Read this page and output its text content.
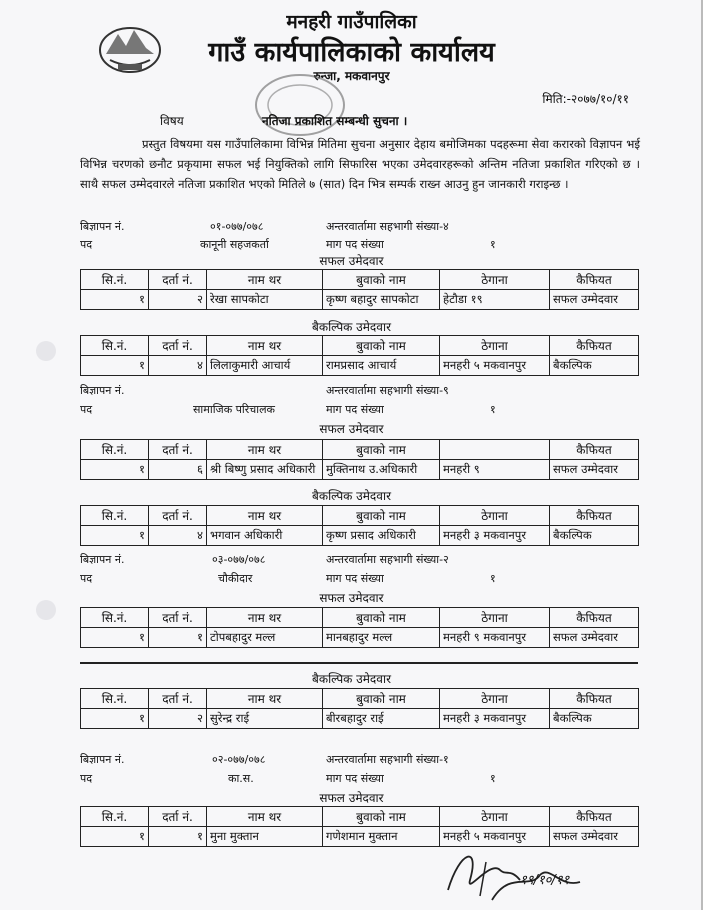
मनहरी गाउँपालिका
गाउँ कार्यपालिकाको कार्यालय
रुन्जा, मकवानपुर
मिति:-२०७७/१०/११
विषय	नतिजा प्रकाशित सम्बन्धी सुचना ।
प्रस्तुत विषयमा यस गाउँपालिकामा विभिन्न मितिमा सुचना अनुसार देहाय बमोजिमका पदहरूमा सेवा करारको विज्ञापन भई विभिन्न चरणको छनौट प्रकृयामा सफल भई नियुक्तिको लागि सिफारिस भएका उमेदवारहरूको अन्तिम नतिजा प्रकाशित गरिएको छ । साथै सफल उम्मेदवारले नतिजा प्रकाशित भएको मितिले ७ (सात) दिन भित्र सम्पर्क राख्न आउनु हुन जानकारी गराइन्छ ।
बिज्ञापन नं.	०१-०७७/०७८	अन्तरवार्तामा सहभागी संख्या-४
पद	कानूनी सहजकर्ता	माग पद संख्या	१
सफल उमेदवार
सि.नं.	दर्ता नं.	नाम थर	बुवाको नाम	ठेगाना	कैफियत
१	२	रेखा सापकोटा	कृष्ण बहादुर सापकोटा	हेटौडा १९	सफल उम्मेदवार
बैकल्पिक उमेदवार
सि.नं.	दर्ता नं.	नाम थर	बुवाको नाम	ठेगाना	कैफियत
१	४	लिलाकुमारी आचार्य	रामप्रसाद आचार्य	मनहरी ५ मकवानपुर	बैकल्पिक
बिज्ञापन नं.	अन्तरवार्तामा सहभागी संख्या-९
पद	सामाजिक परिचालक	माग पद संख्या	१
सफल उमेदवार
सि.नं.	दर्ता नं.	नाम थर	बुवाको नाम		कैफियत
१	६	श्री बिष्णु प्रसाद अधिकारी	मुक्तिनाथ उ.अधिकारी	मनहरी ९	सफल उम्मेदवार
बैकल्पिक उमेदवार
सि.नं.	दर्ता नं.	नाम थर	बुवाको नाम	ठेगाना	कैफियत
१	४	भगवान अधिकारी	कृष्ण प्रसाद अधिकारी	मनहरी ३ मकवानपुर	बैकल्पिक
बिज्ञापन नं.	०३-०७७/०७८	अन्तरवार्तामा सहभागी संख्या-२
पद	चौकीदार	माग पद संख्या	१
सफल उमेदवार
सि.नं.	दर्ता नं.	नाम थर	बुवाको नाम	ठेगाना	कैफियत
१	१	टोपबहादुर मल्ल	मानबहादुर मल्ल	मनहरी ९ मकवानपुर	सफल उम्मेदवार
बैकल्पिक उमेदवार
सि.नं.	दर्ता नं.	नाम थर	बुवाको नाम	ठेगाना	कैफियत
१	२	सुरेन्द्र राई	बीरबहादुर राई	मनहरी ३ मकवानपुर	बैकल्पिक
बिज्ञापन नं.	०२-०७७/०७८	अन्तरवार्तामा सहभागी संख्या-१
पद	का.स.	माग पद संख्या	१
सफल उमेदवार
सि.नं.	दर्ता नं.	नाम थर	बुवाको नाम	ठेगाना	कैफियत
१	१	मुना मुक्तान	गणेशमान मुक्तान	मनहरी ५ मकवानपुर	सफल उम्मेदवार
१९/१०/११
